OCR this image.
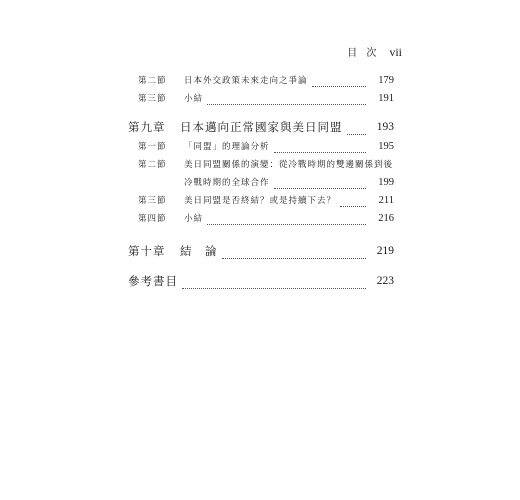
目 次 vii
第二節	日本外交政策未來走向之爭論	179
第三節	小結	191
第九章	日本邁向正常國家與美日同盟	193
第一節	「同盟」的理論分析	195
第二節	美日同盟關係的演變：從冷戰時期的雙邊關係到後
冷戰時期的全球合作	199
第三節	美日同盟是否終結？或是持續下去？	211
第四節	小結	216
第十章	結　論	219
參考書目	223
